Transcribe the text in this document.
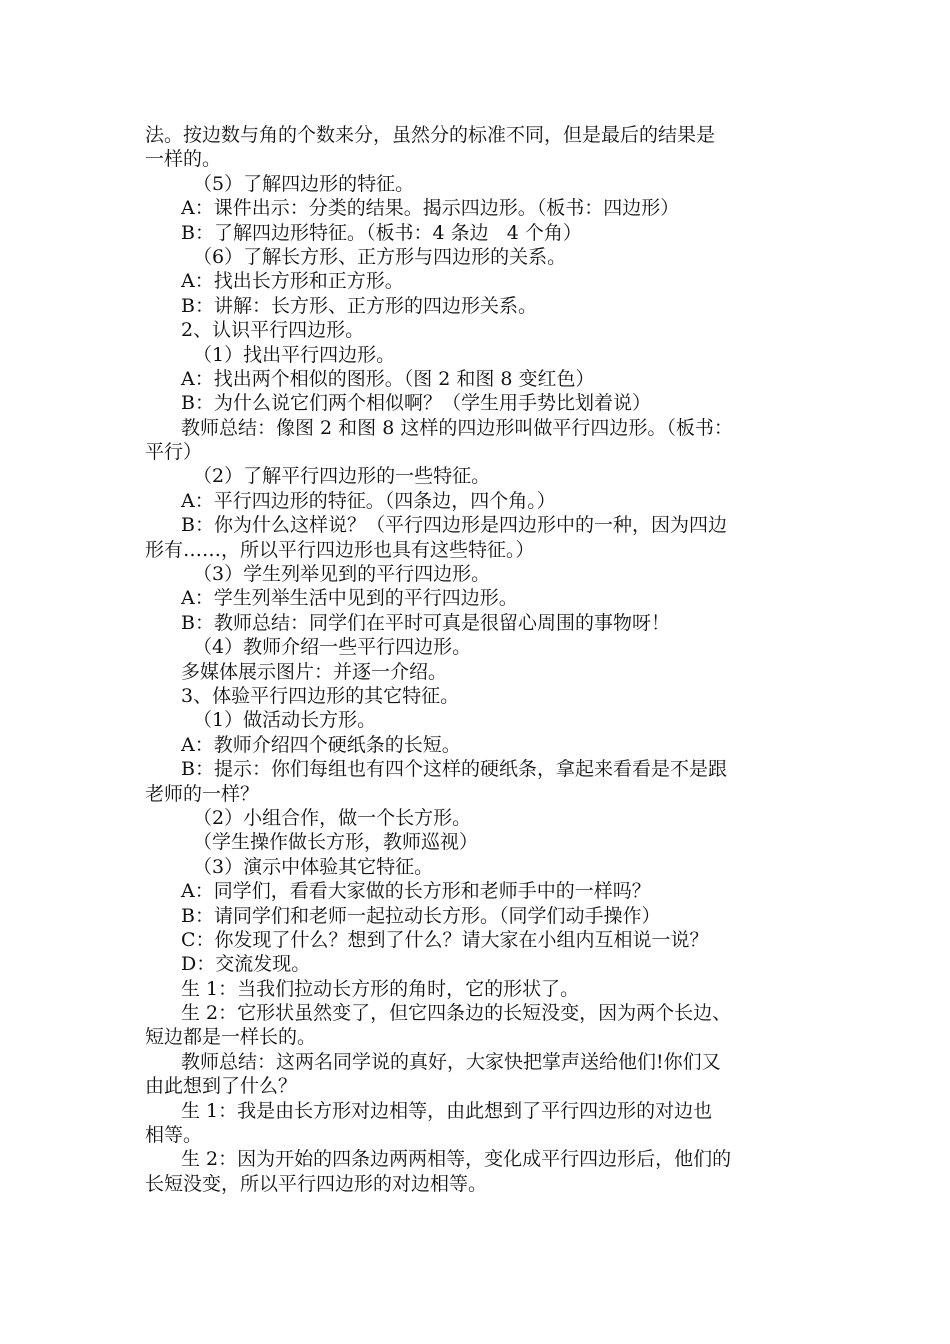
法。按边数与角的个数来分，虽然分的标准不同，但是最后的结果是
一样的。
（5）了解四边形的特征。
A：课件出示：分类的结果。揭示四边形。（板书：四边形）
B：了解四边形特征。（板书：4 条边   4 个角）
（6）了解长方形、正方形与四边形的关系。
A：找出长方形和正方形。
B：讲解：长方形、正方形的四边形关系。
2、认识平行四边形。
（1）找出平行四边形。
A：找出两个相似的图形。（图 2 和图 8 变红色）
B：为什么说它们两个相似啊？（学生用手势比划着说）
教师总结：像图 2 和图 8 这样的四边形叫做平行四边形。（板书：
平行）
（2）了解平行四边形的一些特征。
A：平行四边形的特征。（四条边，四个角。）
B：你为什么这样说？（平行四边形是四边形中的一种，因为四边
形有……，所以平行四边形也具有这些特征。）
（3）学生列举见到的平行四边形。
A：学生列举生活中见到的平行四边形。
B：教师总结：同学们在平时可真是很留心周围的事物呀！
（4）教师介绍一些平行四边形。
多媒体展示图片：并逐一介绍。
3、体验平行四边形的其它特征。
（1）做活动长方形。
A：教师介绍四个硬纸条的长短。
B：提示：你们每组也有四个这样的硬纸条，拿起来看看是不是跟
老师的一样？
（2）小组合作，做一个长方形。
（学生操作做长方形，教师巡视）
（3）演示中体验其它特征。
A：同学们，看看大家做的长方形和老师手中的一样吗？
B：请同学们和老师一起拉动长方形。（同学们动手操作）
C：你发现了什么？想到了什么？请大家在小组内互相说一说？
D：交流发现。
生 1：当我们拉动长方形的角时，它的形状了。
生 2：它形状虽然变了，但它四条边的长短没变，因为两个长边、
短边都是一样长的。
教师总结：这两名同学说的真好，大家快把掌声送给他们!你们又
由此想到了什么？
生 1：我是由长方形对边相等，由此想到了平行四边形的对边也
相等。
生 2：因为开始的四条边两两相等，变化成平行四边形后，他们的
长短没变，所以平行四边形的对边相等。
